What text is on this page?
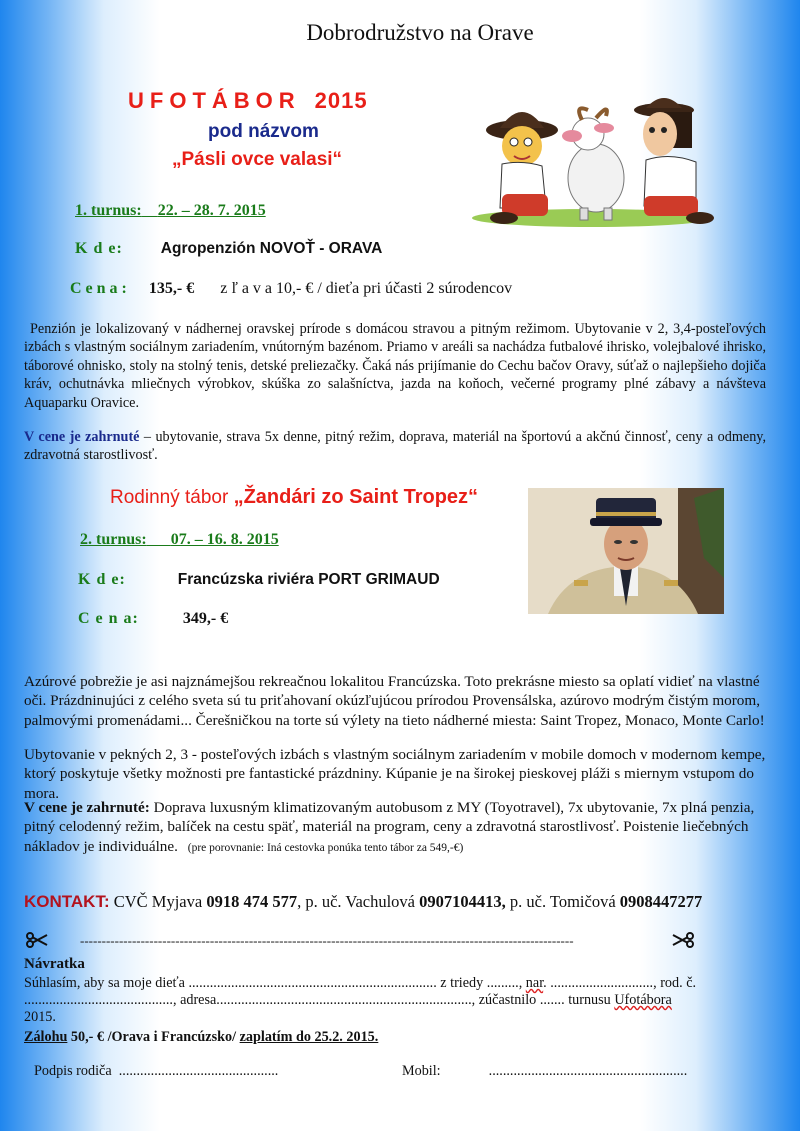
Dobrodružstvo na Orave
UFOTÁBOR 2015
pod názvom
„Pásli ovce valasi“
1. turnus: 22. – 28. 7. 2015
K d e: Agropenzión NOVOŤ - ORAVA
C e n a : 135,- € z ľ a v a 10,- € / dieťa pri účasti 2 súrodencov
Penzión je lokalizovaný v nádhernej oravskej prírode s domácou stravou a pitným režimom. Ubytovanie v 2, 3,4-posteľových izbách s vlastným sociálnym zariadením, vnútorným bazénom. Priamo v areáli sa nachádza futbalové ihrisko, volejbalové ihrisko, táborové ohnisko, stoly na stolný tenis, detské preliezačky. Čaká nás prijímanie do Cechu bačov Oravy, súťaž o najlepšieho dojiča kráv, ochutnávka mliečnych výrobkov, skúška zo salašníctva, jazda na koňoch, večerné programy plné zábavy a návšteva Aquaparku Oravice.
V cene je zahrnuté – ubytovanie, strava 5x denne, pitný režim, doprava, materiál na športovú a akčnú činnosť, ceny a odmeny, zdravotná starostlivosť.
Rodinný tábor „Žandári zo Saint Tropez“
2. turnus: 07. – 16. 8. 2015
K d e:	Francúzska riviéra PORT GRIMAUD
C e n a:	349,- €
Azúrové pobrežie je asi najznámejšou rekreačnou lokalitou Francúzska. Toto prekrásne miesto sa oplatí vidieť na vlastné oči. Prázdninujúci z celého sveta sú tu priťahovaní okúzľujúcou prírodou Provensálska, azúrovo modrým čistým morom, palmovými promenádami... Čerešničkou na torte sú výlety na tieto nádherné miesta: Saint Tropez, Monaco, Monte Carlo!
Ubytovanie v pekných 2, 3 - posteľových izbách s vlastným sociálnym zariadením v mobile domoch v modernom kempe, ktorý poskytuje všetky možnosti pre fantastické prázdniny. Kúpanie je na širokej pieskovej pláži s miernym vstupom do mora.
V cene je zahrnuté: Doprava luxusným klimatizovaným autobusom z MY (Toyotravel), 7x ubytovanie, 7x plná penzia, pitný celodenný režim, balíček na cestu späť, materiál na program, ceny a zdravotná starostlivosť. Poistenie liečebných nákladov je individuálne. (pre porovnanie: Iná cestovka ponúka tento tábor za 549,-€)
KONTAKT: CVČ Myjava 0918 474 577, p. uč. Vachulová 0907104413, p. uč. Tomičová 0908447277
------------------------------------------------------------------------------------------------------------------
Návratka
Súhlasím, aby sa moje dieťa ...................................................................... z triedy ........., nar. ............................., rod. č.
.........................................., adresa........................................................................, zúčastnilo ....... turnusu Ufotábora
2015.
Zálohu 50,- € /Orava i Francúzsko/ zaplatím do 25.2. 2015.
Podpis rodiča .............................................	Mobil:	........................................................
